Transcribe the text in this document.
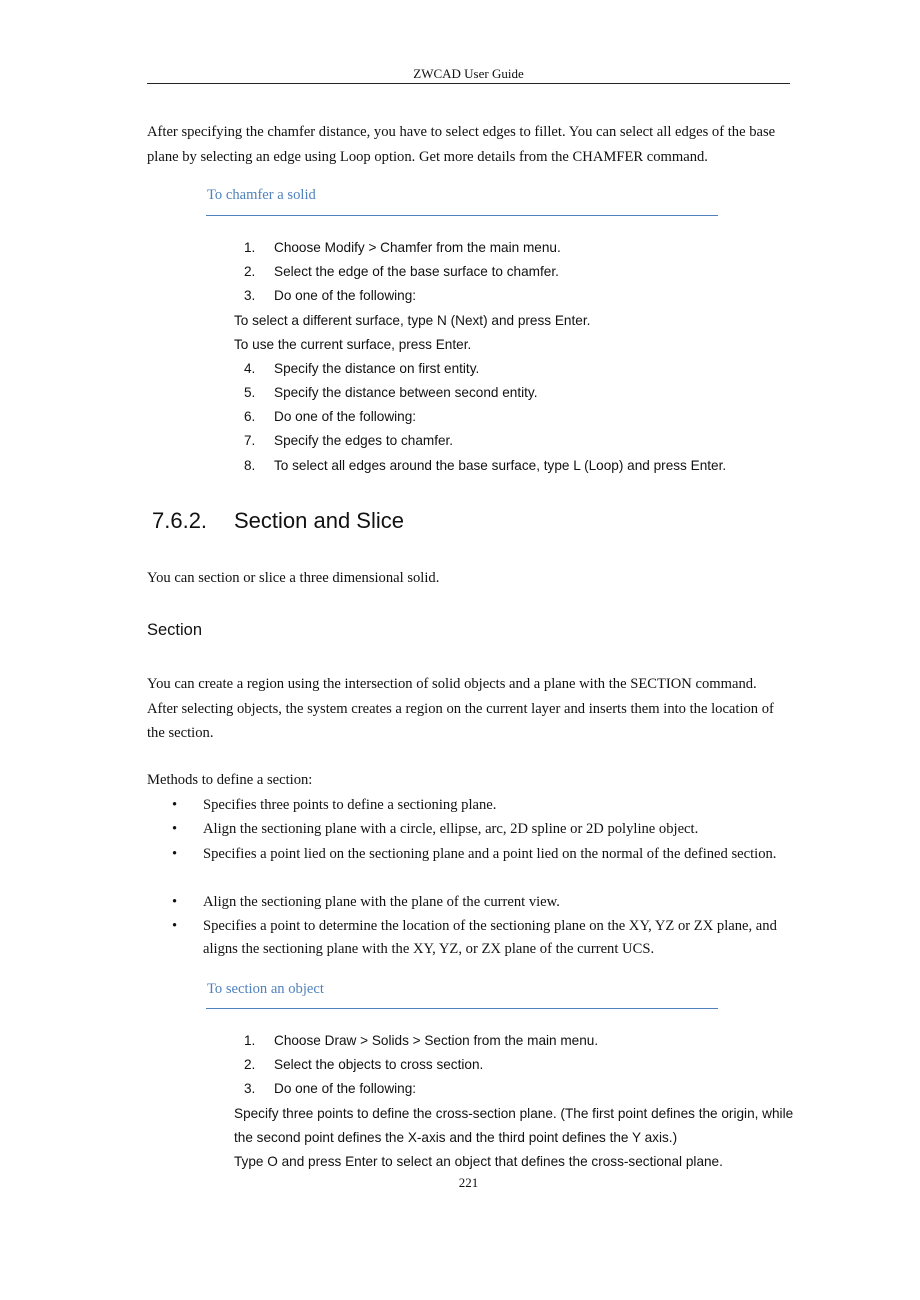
ZWCAD User Guide
After specifying the chamfer distance, you have to select edges to fillet. You can select all edges of the base plane by selecting an edge using Loop option. Get more details from the CHAMFER command.
To chamfer a solid
1. Choose Modify > Chamfer from the main menu.
2. Select the edge of the base surface to chamfer.
3. Do one of the following:
To select a different surface, type N (Next) and press Enter.
To use the current surface, press Enter.
4. Specify the distance on first entity.
5. Specify the distance between second entity.
6. Do one of the following:
7. Specify the edges to chamfer.
8. To select all edges around the base surface, type L (Loop) and press Enter.
7.6.2. Section and Slice
You can section or slice a three dimensional solid.
Section
You can create a region using the intersection of solid objects and a plane with the SECTION command. After selecting objects, the system creates a region on the current layer and inserts them into the location of the section.
Methods to define a section:
• Specifies three points to define a sectioning plane.
• Align the sectioning plane with a circle, ellipse, arc, 2D spline or 2D polyline object.
• Specifies a point lied on the sectioning plane and a point lied on the normal of the defined section.
• Align the sectioning plane with the plane of the current view.
• Specifies a point to determine the location of the sectioning plane on the XY, YZ or ZX plane, and aligns the sectioning plane with the XY, YZ, or ZX plane of the current UCS.
To section an object
1. Choose Draw > Solids > Section from the main menu.
2. Select the objects to cross section.
3. Do one of the following:
Specify three points to define the cross-section plane. (The first point defines the origin, while the second point defines the X-axis and the third point defines the Y axis.)
Type O and press Enter to select an object that defines the cross-sectional plane.
221
